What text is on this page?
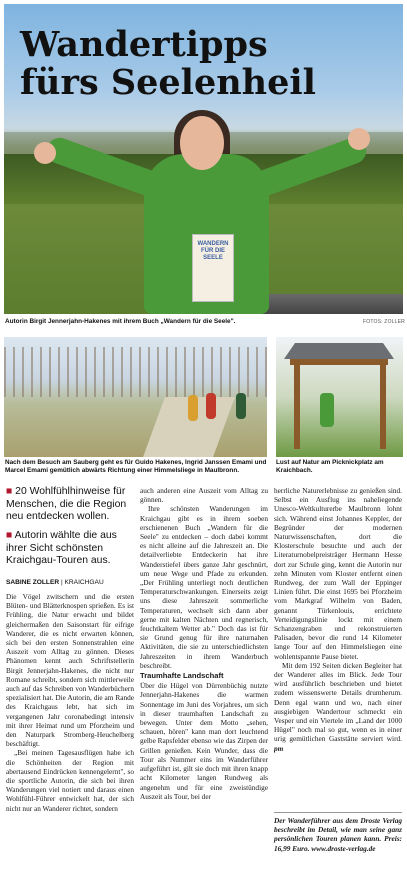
WANDERN FÜR DIE SEELE
Wandertipps
fürs Seelenheil
Autorin Birgit Jennerjahn-Hakenes mit ihrem Buch „Wandern für die Seele".	FOTOS: ZOLLER
Nach dem Besuch am Sauberg geht es für Guido Hakenes, Ingrid Janssen Emami und Marcel Emami gemütlich abwärts Richtung einer Himmelsliege in Maulbronn.
Lust auf Natur am Picknickplatz am Kraichbach.
■ 20 Wohlfühlhinweise für Menschen, die die Region neu entdecken wollen.
■ Autorin wählte die aus ihrer Sicht schönsten Kraichgau-Touren aus.
SABINE ZOLLER | KRAICHGAU

Die Vögel zwitschern und die ersten Blüten- und Blätterknospen sprießen. Es ist Frühling, die Natur erwacht und bildet gleichermaßen den Saisonstart für eifrige Wanderer, die es nicht erwarten können, sich bei den ersten Sonnenstrahlen eine Auszeit vom Alltag zu gönnen. Dieses Phänomen kennt auch Schriftstellerin Birgit Jennerjahn-Hakenes, die nicht nur Romane schreibt, sondern sich mittlerweile auch auf das Schreiben von Wanderbüchern spezialisiert hat. Die Autorin, die am Rande des Kraichgaus lebt, hat sich im vergangenen Jahr coronabedingt intensiv mit ihrer Heimat rund um Pforzheim und den Naturpark Stromberg-Heuchelberg beschäftigt.

„Bei meinen Tagesausflügen habe ich die Schönheiten der Region mit abertausend Eindrücken kennengelernt", so die sportliche Autorin, die sich bei ihren Wanderungen viel notiert und daraus einen Wohlfühl-Führer entwickelt hat, der sich nicht nur an Wanderer richtet, sondern

auch anderen eine Auszeit vom Alltag zu gönnen.

Ihre schönsten Wanderungen im Kraichgau gibt es in ihrem soeben erschienenen Buch „Wandern für die Seele" zu entdecken – doch dabei kommt es nicht alleine auf die Jahreszeit an. Die detailverliebte Entdeckerin hat ihre Wanderstiefel übers ganze Jahr geschnürt, um neue Wege und Pfade zu erkunden. „Der Frühling unterliegt noch deutlichen Temperaturschwankungen. Einerseits zeigt uns diese Jahreszeit sommerliche Temperaturen, wechselt sich dann aber gerne mit kalten Nächten und regnerisch, feuchtkaltem Wetter ab." Doch das ist für sie Grund genug für ihre naturnahen Aktivitäten, die sie zu unterschiedlichsten Jahreszeiten in ihrem Wanderbuch beschreibt.

Traumhafte Landschaft

Über die Hügel von Dürrenbüchig nutzte Jennerjahn-Hakenes die warmen Sonnentage im Juni des Vorjahres, um sich in dieser traumhaften Landschaft zu bewegen. Unter dem Motto „sehen, schauen, hören" kann man dort leuchtend gelbe Rapsfelder ebenso wie das Zirpen der Grillen genießen. Kein Wunder, dass die Tour als Nummer eins im Wanderführer aufgeführt ist, gilt sie doch mit ihren knapp acht Kilometer langen Rundweg als angenehm und für eine zweistündige Auszeit als Tour, bei der

herrliche Naturerlebnisse zu genießen sind. Selbst ein Ausflug ins naheliegende Unesco-Weltkulturerbe Maulbronn lohnt sich. Während einst Johannes Keppler, der Begründer der modernen Naturwissenschaften, dort die Klosterschule besuchte und auch der Literaturnobelpreisträger Hermann Hesse dort zur Schule ging, kennt die Autorin nur zehn Minuten vom Kloster entfernt einen Rundweg, der zum Wall der Eppinger Linien führt. Die einst 1695 bei Pforzheim vom Markgraf Wilhelm von Baden, genannt Türkenlouis, errichtete Verteidigungslinie lockt mit einem Schanzengraben und rekonstruierten Palisaden, bevor die rund 14 Kilometer lange Tour auf den Himmelsliegen eine wohlentspannte Pause bietet.

Mit dem 192 Seiten dicken Begleiter hat der Wanderer alles im Blick. Jede Tour wird ausführlich beschrieben und bietet zudem wissenswerte Details drumherum. Denn egal wann und wo, nach einer ausgiebigen Wandertour schmeckt ein Vesper und ein Viertele im „Land der 1000 Hügel" noch mal so gut, wenn es in einer urig gemütlichen Gaststätte serviert wird. pm

Der Wanderführer aus dem Droste Verlag beschreibt im Detail, wie man seine ganz persönlichen Touren planen kann. Preis: 16,99 Euro. www.droste-verlag.de
